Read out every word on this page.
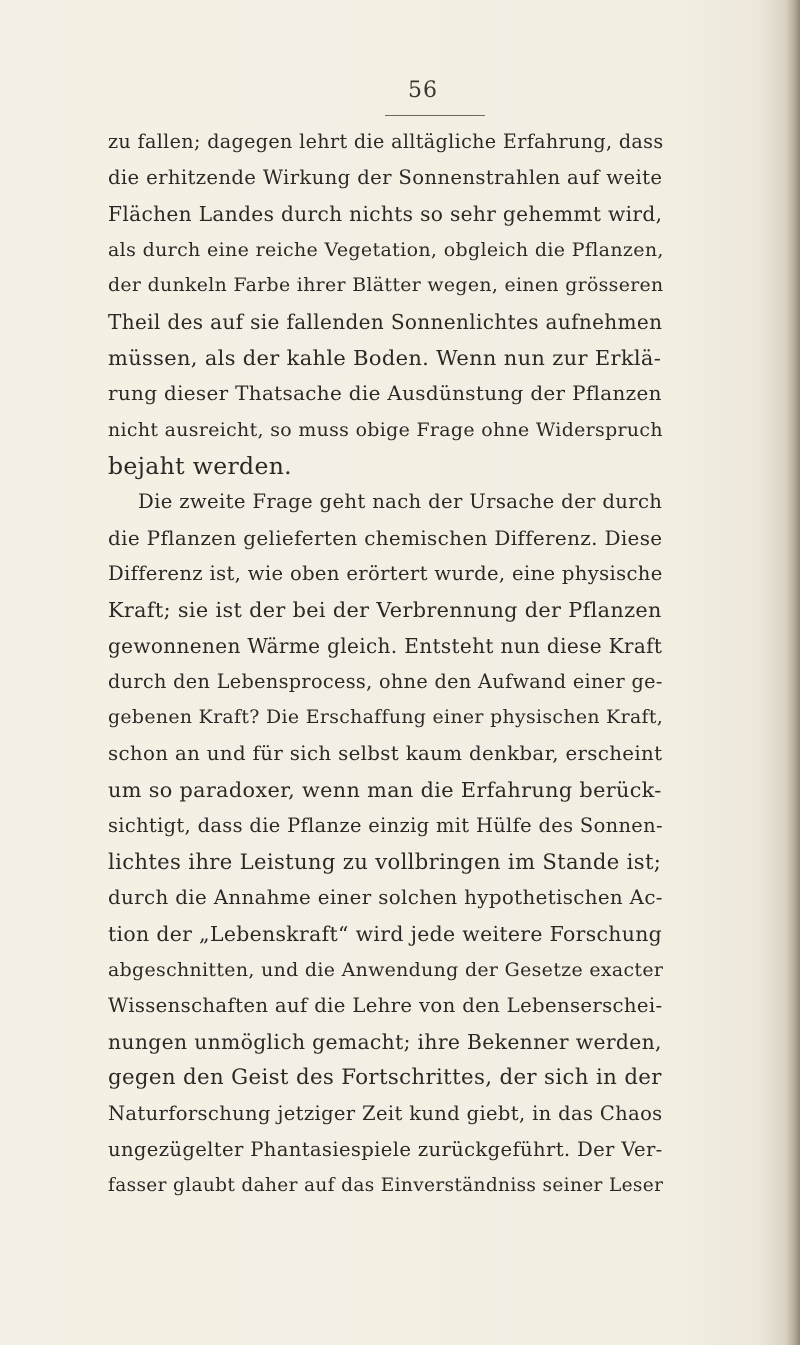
56
zu fallen; dagegen lehrt die alltägliche Erfahrung, dass
die erhitzende Wirkung der Sonnenstrahlen auf weite
Flächen Landes durch nichts so sehr gehemmt wird,
als durch eine reiche Vegetation, obgleich die Pflanzen,
der dunkeln Farbe ihrer Blätter wegen, einen grösseren
Theil des auf sie fallenden Sonnenlichtes aufnehmen
müssen, als der kahle Boden. Wenn nun zur Erklä-
rung dieser Thatsache die Ausdünstung der Pflanzen
nicht ausreicht, so muss obige Frage ohne Widerspruch
bejaht werden.
Die zweite Frage geht nach der Ursache der durch
die Pflanzen gelieferten chemischen Differenz. Diese
Differenz ist, wie oben erörtert wurde, eine physische
Kraft; sie ist der bei der Verbrennung der Pflanzen
gewonnenen Wärme gleich. Entsteht nun diese Kraft
durch den Lebensprocess, ohne den Aufwand einer ge-
gebenen Kraft? Die Erschaffung einer physischen Kraft,
schon an und für sich selbst kaum denkbar, erscheint
um so paradoxer, wenn man die Erfahrung berück-
sichtigt, dass die Pflanze einzig mit Hülfe des Sonnen-
lichtes ihre Leistung zu vollbringen im Stande ist;
durch die Annahme einer solchen hypothetischen Ac-
tion der „Lebenskraft“ wird jede weitere Forschung
abgeschnitten, und die Anwendung der Gesetze exacter
Wissenschaften auf die Lehre von den Lebenserschei-
nungen unmöglich gemacht; ihre Bekenner werden,
gegen den Geist des Fortschrittes, der sich in der
Naturforschung jetziger Zeit kund giebt, in das Chaos
ungezügelter Phantasiespiele zurückgeführt. Der Ver-
fasser glaubt daher auf das Einverständniss seiner Leser
